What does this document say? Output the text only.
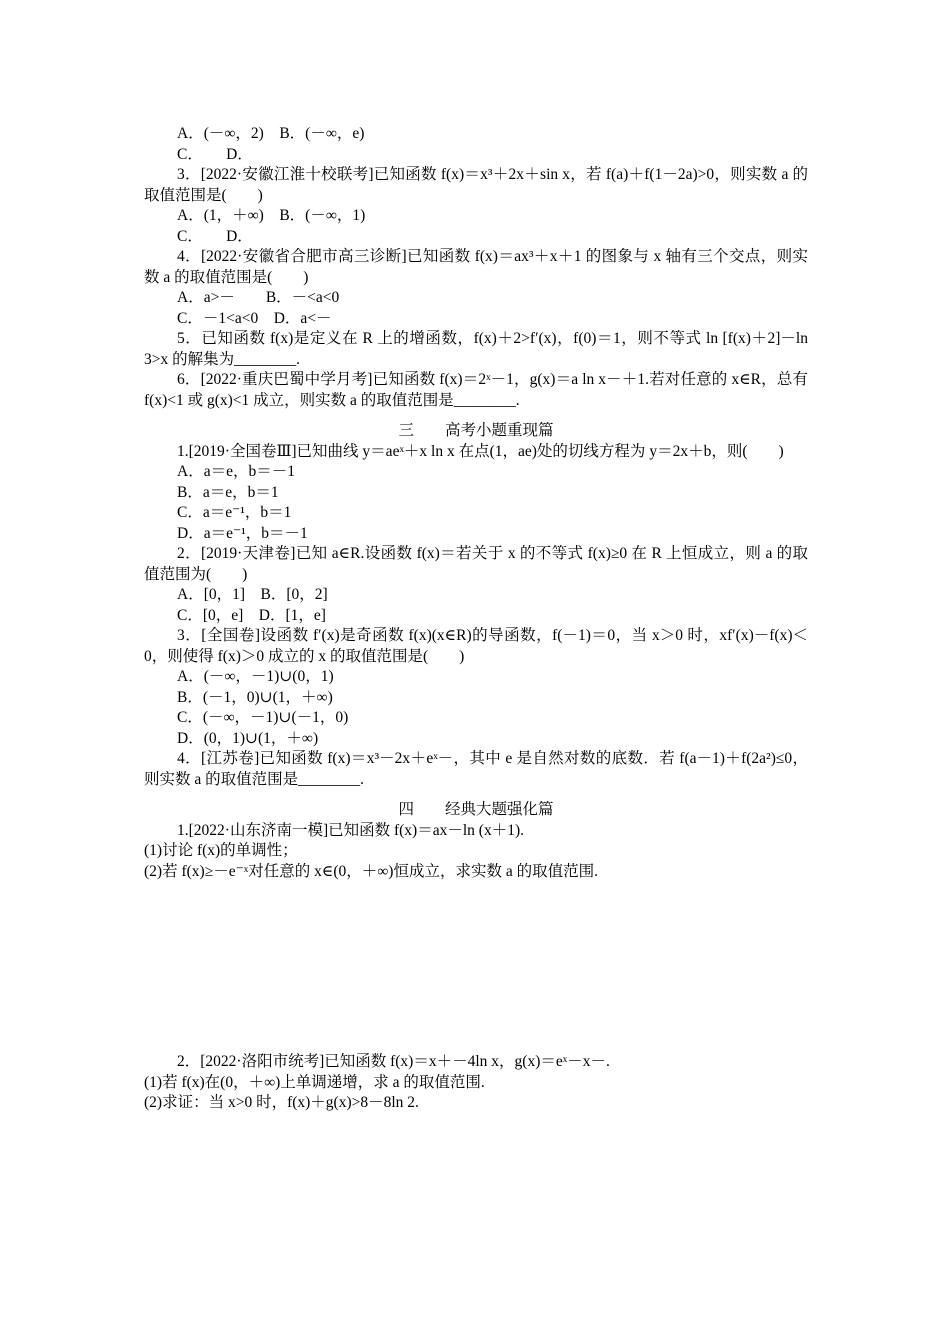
A．(－∞，2)　B．(－∞，e)
C．　　D．
3．[2022·安徽江淮十校联考]已知函数 f(x)＝x³＋2x＋sin x，若 f(a)＋f(1－2a)>0，则实数 a 的取值范围是(　　)
A．(1，＋∞)　B．(－∞，1)
C．　　D．
4．[2022·安徽省合肥市高三诊断]已知函数 f(x)＝ax³＋x＋1 的图象与 x 轴有三个交点，则实数 a 的取值范围是(　　)
A．a>－　　B．－<a<0
C．－1<a<0　D．a<－
5．已知函数 f(x)是定义在 R 上的增函数，f(x)＋2>f′(x)，f(0)＝1，则不等式 ln [f(x)＋2]－ln 3>x 的解集为________.
6．[2022·重庆巴蜀中学月考]已知函数 f(x)＝2ˣ－1，g(x)＝a ln x－＋1.若对任意的 x∈R，总有 f(x)<1 或 g(x)<1 成立，则实数 a 的取值范围是________.
三　　高考小题重现篇
1.[2019·全国卷Ⅲ]已知曲线 y＝aeˣ＋x ln x 在点(1，ae)处的切线方程为 y＝2x＋b，则(　　)
A．a＝e，b＝－1
B．a＝e，b＝1
C．a＝e⁻¹，b＝1
D．a＝e⁻¹，b＝－1
2．[2019·天津卷]已知 a∈R.设函数 f(x)＝若关于 x 的不等式 f(x)≥0 在 R 上恒成立，则 a 的取值范围为(　　)
A．[0，1]　B．[0，2]
C．[0，e]　D．[1，e]
3．[全国卷]设函数 f′(x)是奇函数 f(x)(x∈R)的导函数，f(－1)＝0，当 x＞0 时，xf′(x)－f(x)＜0，则使得 f(x)＞0 成立的 x 的取值范围是(　　)
A．(－∞，－1)∪(0，1)
B．(－1，0)∪(1，＋∞)
C．(－∞，－1)∪(－1，0)
D．(0，1)∪(1，＋∞)
4．[江苏卷]已知函数 f(x)＝x³－2x＋eˣ－，其中 e 是自然对数的底数．若 f(a－1)＋f(2a²)≤0，则实数 a 的取值范围是________.
四　　经典大题强化篇
1.[2022·山东济南一模]已知函数 f(x)＝ax－ln (x＋1).
(1)讨论 f(x)的单调性；
(2)若 f(x)≥－e⁻ˣ对任意的 x∈(0，＋∞)恒成立，求实数 a 的取值范围.
2．[2022·洛阳市统考]已知函数 f(x)＝x＋－4ln x，g(x)＝eˣ－x－.
(1)若 f(x)在(0，＋∞)上单调递增，求 a 的取值范围.
(2)求证：当 x>0 时，f(x)＋g(x)>8－8ln 2.
